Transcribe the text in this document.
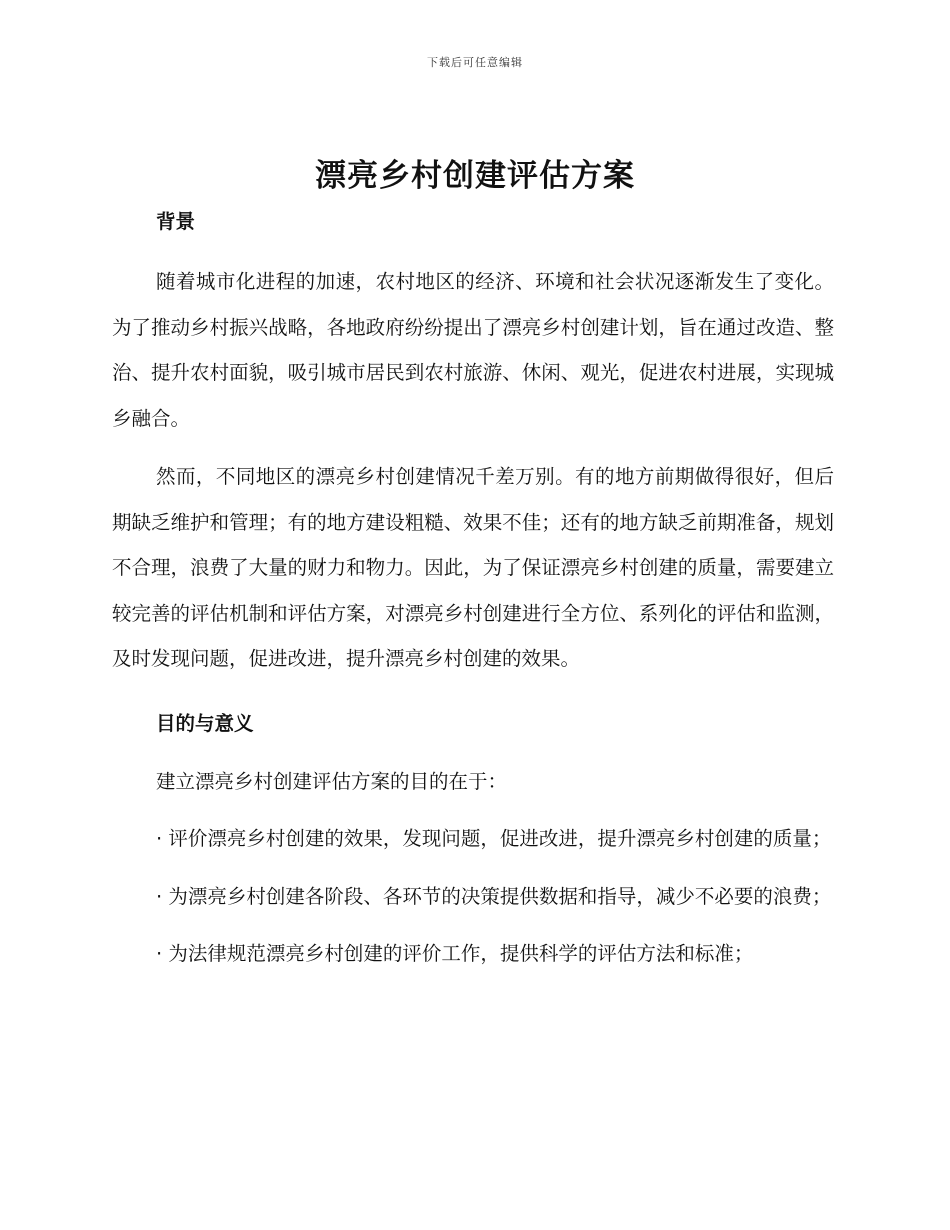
下载后可任意编辑
漂亮乡村创建评估方案

背景

随着城市化进程的加速，农村地区的经济、环境和社会状况逐渐发生了变化。为了推动乡村振兴战略，各地政府纷纷提出了漂亮乡村创建计划，旨在通过改造、整治、提升农村面貌，吸引城市居民到农村旅游、休闲、观光，促进农村进展，实现城乡融合。

然而，不同地区的漂亮乡村创建情况千差万别。有的地方前期做得很好，但后期缺乏维护和管理；有的地方建设粗糙、效果不佳；还有的地方缺乏前期准备，规划不合理，浪费了大量的财力和物力。因此，为了保证漂亮乡村创建的质量，需要建立较完善的评估机制和评估方案，对漂亮乡村创建进行全方位、系列化的评估和监测，及时发现问题，促进改进，提升漂亮乡村创建的效果。

目的与意义

建立漂亮乡村创建评估方案的目的在于：

· 评价漂亮乡村创建的效果，发现问题，促进改进，提升漂亮乡村创建的质量；

· 为漂亮乡村创建各阶段、各环节的决策提供数据和指导，减少不必要的浪费；

· 为法律规范漂亮乡村创建的评价工作，提供科学的评估方法和标准；
